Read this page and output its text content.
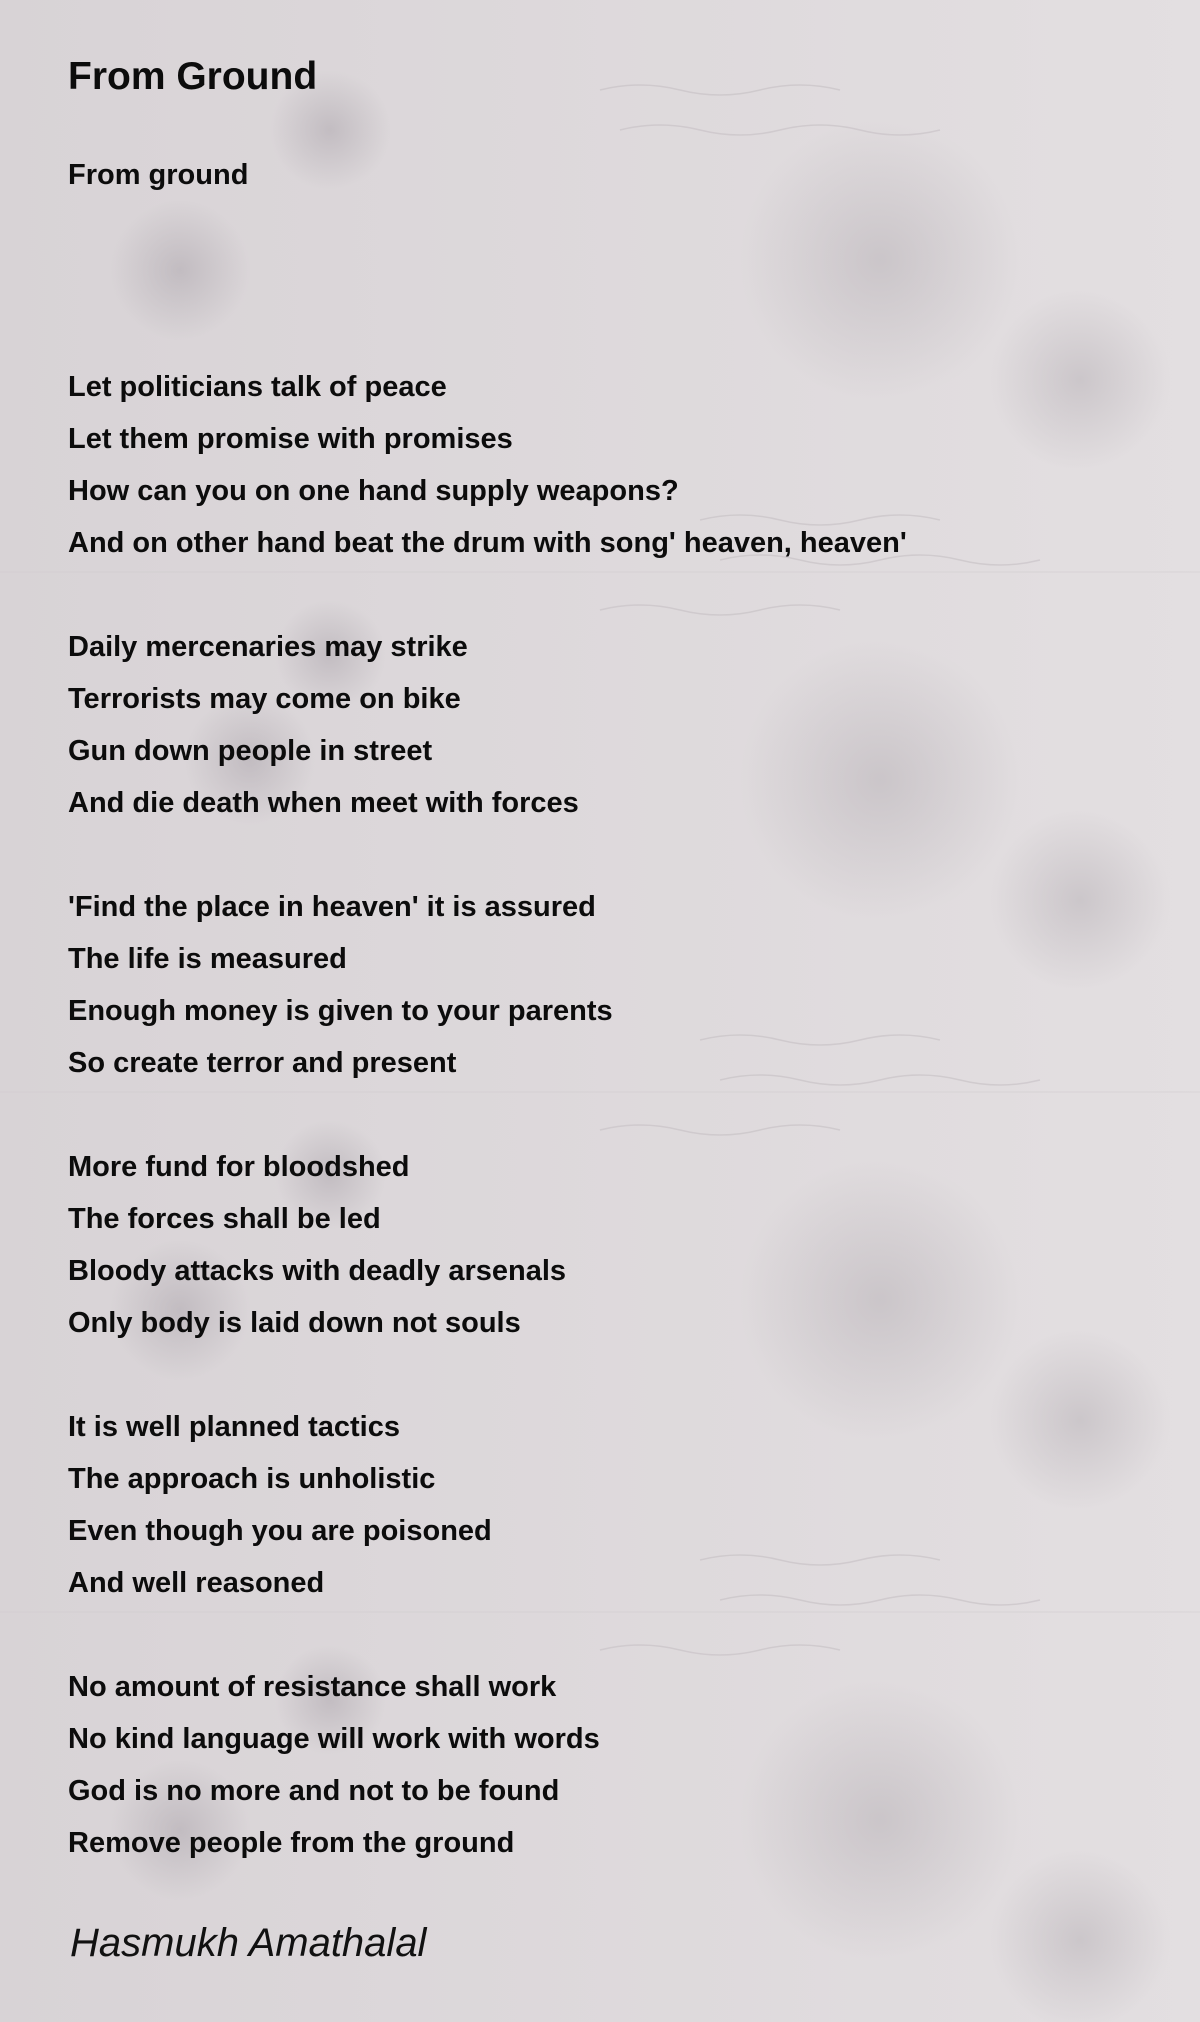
From Ground
From ground
Let politicians talk of peace
Let them promise with promises
How can you on one hand supply weapons?
And on other hand beat the drum with song' heaven, heaven'
Daily mercenaries may strike
Terrorists may come on bike
Gun down people in street
And die death when meet with forces
'Find the place in heaven' it is assured
The life is measured
Enough money is given to your parents
So create terror and present
More fund for bloodshed
The forces shall be led
Bloody attacks with deadly arsenals
Only body is laid down not souls
It is well planned tactics
The approach is unholistic
Even though you are poisoned
And well reasoned
No amount of resistance shall work
No kind language will work with words
God is no more and not to be found
Remove people from the ground
Hasmukh Amathalal
